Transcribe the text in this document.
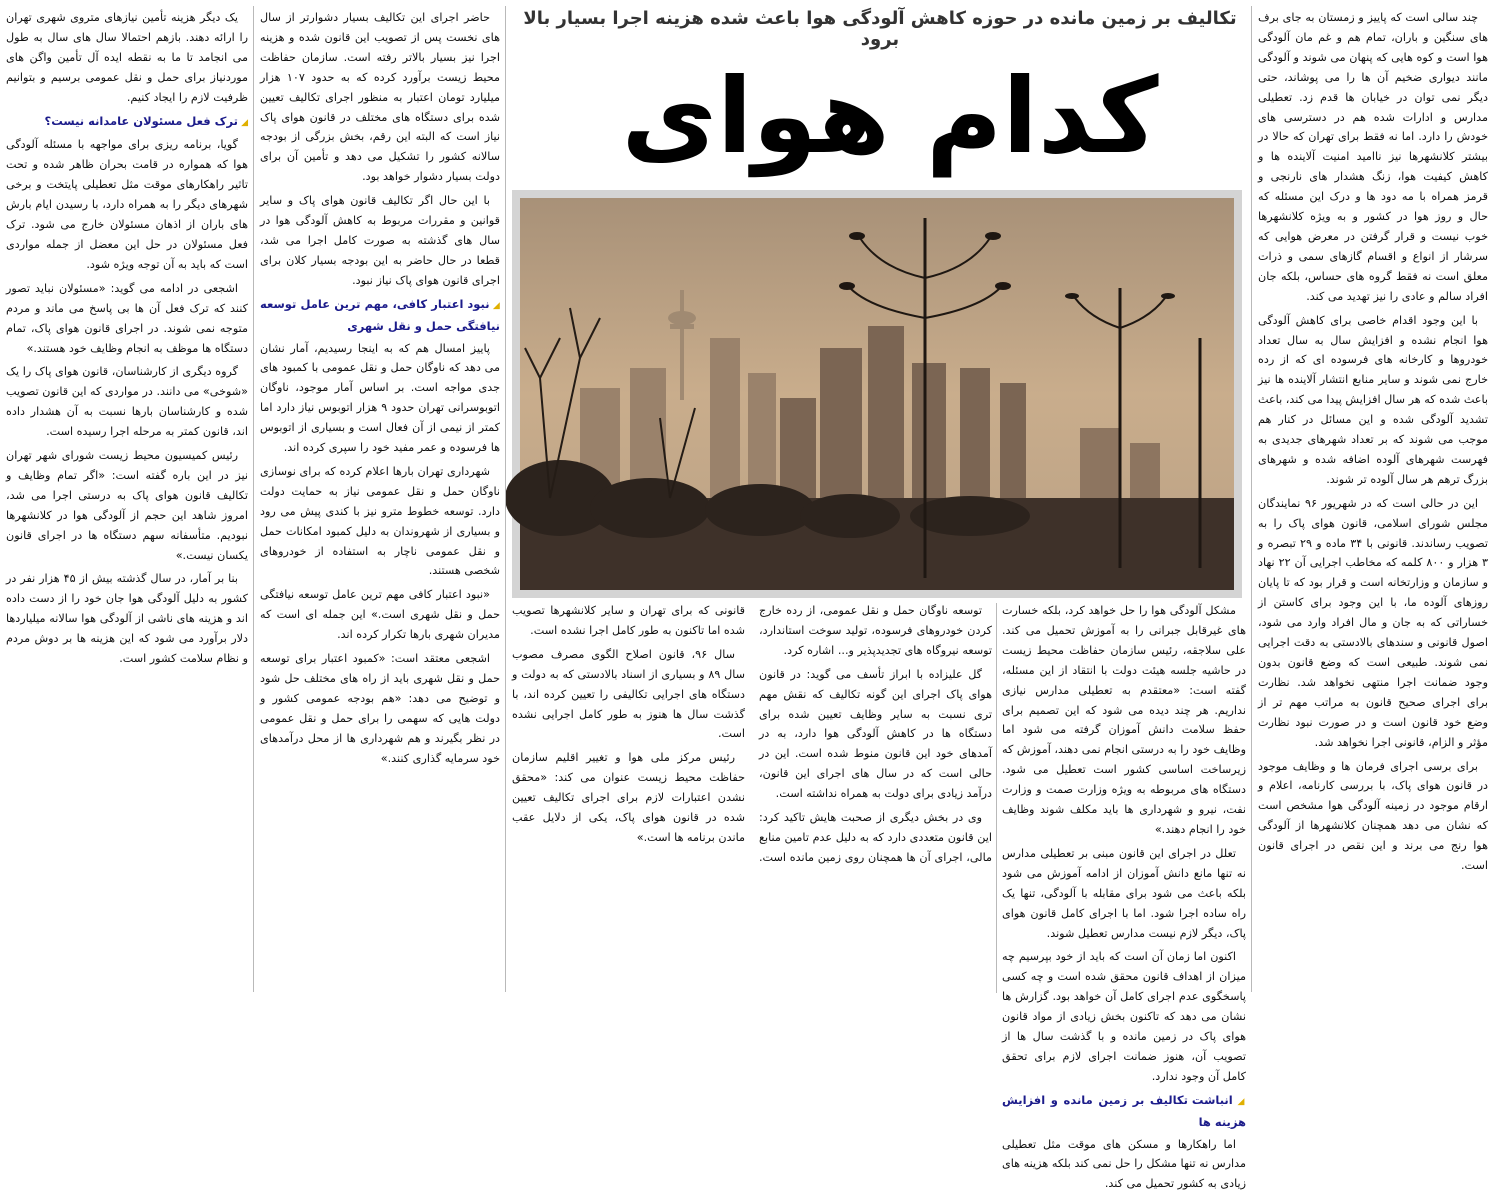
چند سالی است که پاییز و زمستان به جای برف های سنگین و باران، تمام هم و غم مان آلودگی هوا است و کوه هایی که پنهان می شوند و آلودگی مانند دیواری ضخیم آن ها را می پوشاند، حتی دیگر نمی توان در خیابان ها قدم زد. تعطیلی مدارس و ادارات شده هم در دسترسی های خودش را دارد. اما نه فقط برای تهران که حالا در بیشتر کلانشهرها نیز ناامید امنیت آلاینده ها و کاهش کیفیت هوا، زنگ هشدار های نارنجی و قرمز همراه با مه دود ها و درک این مسئله که حال و روز هوا در کشور و به ویژه کلانشهرها خوب نیست و قرار گرفتن در معرض هوایی که سرشار از انواع و اقسام گازهای سمی و ذرات معلق است نه فقط گروه های حساس، بلکه جان افراد سالم و عادی را نیز تهدید می کند.

با این وجود اقدام خاصی برای کاهش آلودگی هوا انجام نشده و افزایش سال به سال تعداد خودروها و کارخانه های فرسوده ای که از رده خارج نمی شوند و سایر منابع انتشار آلاینده ها نیز باعث شده که هر سال افزایش پیدا می کند، باعث تشدید آلودگی شده و این مسائل در کنار هم موجب می شوند که بر تعداد شهرهای جدیدی به فهرست شهرهای آلوده اضافه شده و شهرهای بزرگ ترهم هر سال آلوده تر شوند.

این در حالی است که در شهریور ۹۶ نمایندگان مجلس شورای اسلامی، قانون هوای پاک را به تصویب رساندند. قانونی با ۳۴ ماده و ۲۹ تبصره و ۳ هزار و ۸۰۰ کلمه که مخاطب اجرایی آن ۲۲ نهاد و سازمان و وزارتخانه است و قرار بود که تا پایان روزهای آلوده ما، با این وجود برای کاستن از خساراتی که به جان و مال افراد وارد می شود، اصول قانونی و سندهای بالادستی به دقت اجرایی نمی شوند. طبیعی است که وضع قانون بدون وجود ضمانت اجرا منتهی نخواهد شد. نظارت برای اجرای صحیح قانون به مراتب مهم تر از وضع خود قانون است و در صورت نبود نظارت مؤثر و الزام، قانونی اجرا نخواهد شد.

برای برسی اجرای فرمان ها و وظایف موجود در قانون هوای پاک، با بررسی کارنامه، اعلام و ارقام موجود در زمینه آلودگی هوا مشخص است که نشان می دهد همچنان کلانشهرها از آلودگی هوا رنج می برند و این نقص در اجرای قانون است.

تکالیف بر زمین مانده در حوزه کاهش آلودگی هوا باعث شده هزینه اجرا بسیار بالا برود
کدام هوای

مشکل آلودگی هوا را حل خواهد کرد، بلکه خسارت های غیرقابل جبرانی را به آموزش تحمیل می کند. علی سلاجقه، رئیس سازمان حفاظت محیط زیست در حاشیه جلسه هیئت دولت با انتقاد از این مسئله، گفته است: «معتقدم به تعطیلی مدارس نیازی نداریم. هر چند دیده می شود که این تصمیم برای حفظ سلامت دانش آموزان گرفته می شود اما وظایف خود را به درستی انجام نمی دهند، آموزش که زیرساخت اساسی کشور است تعطیل می شود. دستگاه های مربوطه به ویژه وزارت صمت و وزارت نفت، نیرو و شهرداری ها باید مکلف شوند وظایف خود را انجام دهند.»

تعلل در اجرای این قانون مبنی بر تعطیلی مدارس نه تنها مانع دانش آموزان از ادامه آموزش می شود بلکه باعث می شود برای مقابله با آلودگی، تنها یک راه ساده اجرا شود. اما با اجرای کامل قانون هوای پاک، دیگر لازم نیست مدارس تعطیل شوند.

اکنون اما زمان آن است که باید از خود بپرسیم چه میزان از اهداف قانون محقق شده است و چه کسی پاسخگوی عدم اجرای کامل آن خواهد بود. گزارش ها نشان می دهد که تاکنون بخش زیادی از مواد قانون هوای پاک در زمین مانده و با گذشت سال ها از تصویب آن، هنوز ضمانت اجرای لازم برای تحقق کامل آن وجود ندارد.

◢ انباشت تکالیف بر زمین مانده و افزایش هزینه ها

اما راهکارها و مسکن های موقت مثل تعطیلی مدارس نه تنها مشکل را حل نمی کند بلکه هزینه های زیادی به کشور تحمیل می کند.

توسعه ناوگان حمل و نقل عمومی، از رده خارج کردن خودروهای فرسوده، تولید سوخت استاندارد، توسعه نیروگاه های تجدیدپذیر و... اشاره کرد.

گل علیزاده با ابراز تأسف می گوید: در قانون هوای پاک اجرای این گونه تکالیف که نقش مهم تری نسبت به سایر وظایف تعیین شده برای دستگاه ها در کاهش آلودگی هوا دارد، به در آمدهای خود این قانون منوط شده است. این در حالی است که در سال های اجرای این قانون، درآمد زیادی برای دولت به همراه نداشته است.

وی در بخش دیگری از صحبت هایش تاکید کرد: این قانون متعددی دارد که به دلیل عدم تامین منابع مالی، اجرای آن ها همچنان روی زمین مانده است. قانونی که برای تهران و سایر کلانشهرها تصویب شده اما تاکنون به طور کامل اجرا نشده است.

سال ۹۶، قانون اصلاح الگوی مصرف مصوب سال ۸۹ و بسیاری از اسناد بالادستی که به دولت و دستگاه های اجرایی تکالیفی را تعیین کرده اند، با گذشت سال ها هنوز به طور کامل اجرایی نشده است.

رئیس مرکز ملی هوا و تغییر اقلیم سازمان حفاظت محیط زیست عنوان می کند: «محقق نشدن اعتبارات لازم برای اجرای تکالیف تعیین شده در قانون هوای پاک، یکی از دلایل عقب ماندن برنامه ها است.»

حاضر اجرای این تکالیف بسیار دشوارتر از سال های نخست پس از تصویب این قانون شده و هزینه اجرا نیز بسیار بالاتر رفته است. سازمان حفاظت محیط زیست برآورد کرده که به حدود ۱۰۷ هزار میلیارد تومان اعتبار به منظور اجرای تکالیف تعیین شده برای دستگاه های مختلف در قانون هوای پاک نیاز است که البته این رقم، بخش بزرگی از بودجه سالانه کشور را تشکیل می دهد و تأمین آن برای دولت بسیار دشوار خواهد بود.

با این حال اگر تکالیف قانون هوای پاک و سایر قوانین و مقررات مربوط به کاهش آلودگی هوا در سال های گذشته به صورت کامل اجرا می شد، قطعا در حال حاضر به این بودجه بسیار کلان برای اجرای قانون هوای پاک نیاز نبود.

◢ نبود اعتبار کافی، مهم ترین عامل توسعه نیافتگی حمل و نقل شهری

پاییز امسال هم که به اینجا رسیدیم، آمار نشان می دهد که ناوگان حمل و نقل عمومی با کمبود های جدی مواجه است. بر اساس آمار موجود، ناوگان اتوبوسرانی تهران حدود ۹ هزار اتوبوس نیاز دارد اما کمتر از نیمی از آن فعال است و بسیاری از اتوبوس ها فرسوده و عمر مفید خود را سپری کرده اند.

شهرداری تهران بارها اعلام کرده که برای نوسازی ناوگان حمل و نقل عمومی نیاز به حمایت دولت دارد. توسعه خطوط مترو نیز با کندی پیش می رود و بسیاری از شهروندان به دلیل کمبود امکانات حمل و نقل عمومی ناچار به استفاده از خودروهای شخصی هستند.

«نبود اعتبار کافی مهم ترین عامل توسعه نیافتگی حمل و نقل شهری است.» این جمله ای است که مدیران شهری بارها تکرار کرده اند.

اشجعی معتقد است: «کمبود اعتبار برای توسعه حمل و نقل شهری باید از راه های مختلف حل شود و توضیح می دهد: «هم بودجه عمومی کشور و دولت هایی که سهمی را برای حمل و نقل عمومی در نظر بگیرند و هم شهرداری ها از محل درآمدهای خود سرمایه گذاری کنند.»

یک دیگر هزینه تأمین نیازهای متروی شهری تهران را ارائه دهند. بازهم احتمالا سال های سال به طول می انجامد تا ما به نقطه ایده آل تأمین واگن های موردنیاز برای حمل و نقل عمومی برسیم و بتوانیم ظرفیت لازم را ایجاد کنیم.

◢ ترک فعل مسئولان عامدانه نیست؟

گویا، برنامه ریزی برای مواجهه با مسئله آلودگی هوا که همواره در قامت بحران ظاهر شده و تحت تاثیر راهکارهای موقت مثل تعطیلی پایتخت و برخی شهرهای دیگر را به همراه دارد، با رسیدن ایام بارش های باران از اذهان مسئولان خارج می شود. ترک فعل مسئولان در حل این معضل از جمله مواردی است که باید به آن توجه ویژه شود.

اشجعی در ادامه می گوید: «مسئولان نباید تصور کنند که ترک فعل آن ها بی پاسخ می ماند و مردم متوجه نمی شوند. در اجرای قانون هوای پاک، تمام دستگاه ها موظف به انجام وظایف خود هستند.»

گروه دیگری از کارشناسان، قانون هوای پاک را یک «شوخی» می دانند. در مواردی که این قانون تصویب شده و کارشناسان بارها نسبت به آن هشدار داده اند، قانون کمتر به مرحله اجرا رسیده است.

رئیس کمیسیون محیط زیست شورای شهر تهران نیز در این باره گفته است: «اگر تمام وظایف و تکالیف قانون هوای پاک به درستی اجرا می شد، امروز شاهد این حجم از آلودگی هوا در کلانشهرها نبودیم. متأسفانه سهم دستگاه ها در اجرای قانون یکسان نیست.»

بنا بر آمار، در سال گذشته بیش از ۴۵ هزار نفر در کشور به دلیل آلودگی هوا جان خود را از دست داده اند و هزینه های ناشی از آلودگی هوا سالانه میلیاردها دلار برآورد می شود که این هزینه ها بر دوش مردم و نظام سلامت کشور است.
